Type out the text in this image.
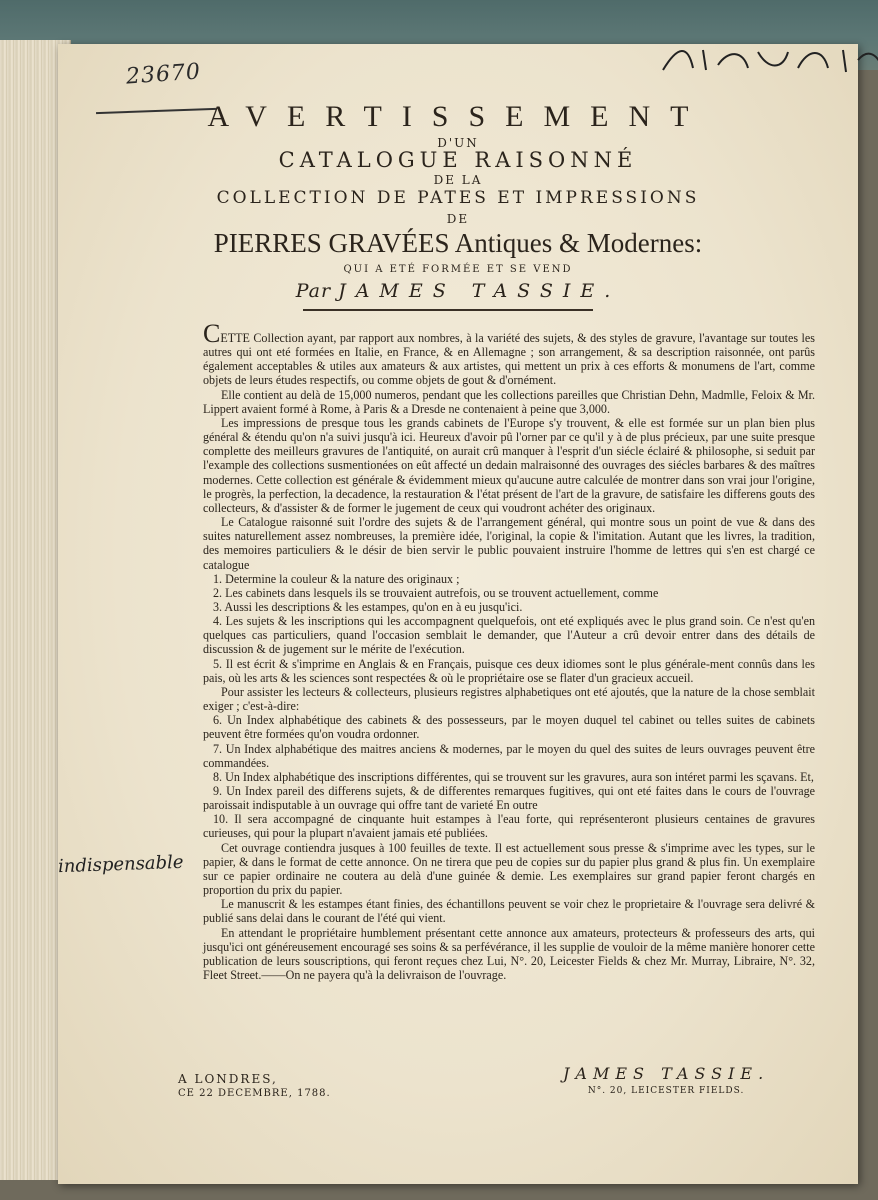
23670
AVERTISSEMENT
D'UN
CATALOGUE RAISONNÉ
DE LA
COLLECTION DE PATES ET IMPRESSIONS
DE
PIERRES GRAVÉES Antiques & Modernes:
QUI A ETÉ FORMÉE ET SE VEND
Par JAMES TASSIE.

CETTE Collection ayant, par rapport aux nombres, à la variété des sujets, & des styles de gravure, l'avantage sur toutes les autres qui ont eté formées en Italie, en France, & en Allemagne ; son arrangement, & sa description raisonnée, ont parûs également acceptables & utiles aux amateurs & aux artistes, qui mettent un prix à ces efforts & monumens de l'art, comme objets de leurs études respectifs, ou comme objets de gout & d'ornément.

Elle contient au delà de 15,000 numeros, pendant que les collections pareilles que Christian Dehn, Madmlle, Feloix & Mr. Lippert avaient formé à Rome, à Paris & a Dresde ne contenaient à peine que 3,000.

Les impressions de presque tous les grands cabinets de l'Europe s'y trouvent, & elle est formée sur un plan bien plus général & étendu qu'on n'a suivi jusqu'à ici. Heureux d'avoir pû l'orner par ce qu'il y à de plus précieux, par une suite presque complette des meilleurs gravures de l'antiquité, on aurait crû manquer à l'esprit d'un siécle éclairé & philosophe, si seduit par l'example des collections susmentionées on eût affecté un dedain malraisonné des ouvrages des siécles barbares & des maîtres modernes. Cette collection est générale & évidemment mieux qu'aucune autre calculée de montrer dans son vrai jour l'origine, le progrès, la perfection, la decadence, la restauration & l'état présent de l'art de la gravure, de satisfaire les differens gouts des collecteurs, & d'assister & de former le jugement de ceux qui voudront achéter des originaux.

Le Catalogue raisonné suit l'ordre des sujets & de l'arrangement général, qui montre sous un point de vue & dans des suites naturellement assez nombreuses, la première idée, l'original, la copie & l'imitation. Autant que les livres, la tradition, des memoires particuliers & le désir de bien servir le public pouvaient instruire l'homme de lettres qui s'en est chargé ce catalogue

1. Determine la couleur & la nature des originaux ;

2. Les cabinets dans lesquels ils se trouvaient autrefois, ou se trouvent actuellement, comme

3. Aussi les descriptions & les estampes, qu'on en à eu jusqu'ici.

4. Les sujets & les inscriptions qui les accompagnent quelquefois, ont eté expliqués avec le plus grand soin. Ce n'est qu'en quelques cas particuliers, quand l'occasion semblait le demander, que l'Auteur a crû devoir entrer dans des détails de discussion & de jugement sur le mérite de l'exécution.

5. Il est écrit & s'imprime en Anglais & en Français, puisque ces deux idiomes sont le plus générale-ment connûs dans les pais, où les arts & les sciences sont respectées & où le propriétaire ose se flater d'un gracieux accueil.

Pour assister les lecteurs & collecteurs, plusieurs registres alphabetiques ont eté ajoutés, que la nature de la chose semblait exiger ; c'est-à-dire:

6. Un Index alphabétique des cabinets & des possesseurs, par le moyen duquel tel cabinet ou telles suites de cabinets peuvent être formées qu'on voudra ordonner.

7. Un Index alphabétique des maitres anciens & modernes, par le moyen du quel des suites de leurs ouvrages peuvent être commandées.

8. Un Index alphabétique des inscriptions différentes, qui se trouvent sur les gravures, aura son intéret parmi les sçavans. Et,

9. Un Index pareil des differens sujets, & de differentes remarques fugitives, qui ont eté faites dans le cours de l'ouvrage paroissait indisputable à un ouvrage qui offre tant de varieté En outre

10. Il sera accompagné de cinquante huit estampes à l'eau forte, qui représenteront plusieurs centaines de gravures curieuses, qui pour la plupart n'avaient jamais eté publiées.

Cet ouvrage contiendra jusques à 100 feuilles de texte. Il est actuellement sous presse & s'imprime avec les types, sur le papier, & dans le format de cette annonce. On ne tirera que peu de copies sur du papier plus grand & plus fin. Un exemplaire sur ce papier ordinaire ne coutera au delà d'une guinée & demie. Les exemplaires sur grand papier feront chargés en proportion du prix du papier.

Le manuscrit & les estampes étant finies, des échantillons peuvent se voir chez le proprietaire & l'ouvrage sera delivré & publié sans delai dans le courant de l'été qui vient.

En attendant le propriétaire humblement présentant cette annonce aux amateurs, protecteurs & professeurs des arts, qui jusqu'ici ont généreusement encouragé ses soins & sa perfévérance, il les supplie de vouloir de la même manière honorer cette publication de leurs souscriptions, qui feront reçues chez Lui, N°. 20, Leicester Fields & chez Mr. Murray, Libraire, N°. 32, Fleet Street.——On ne payera qu'à la delivraison de l'ouvrage.

indispensable
A LONDRES,
CE 22 DECEMBRE, 1788.
JAMES TASSIE.
N°. 20, LEICESTER FIELDS.
